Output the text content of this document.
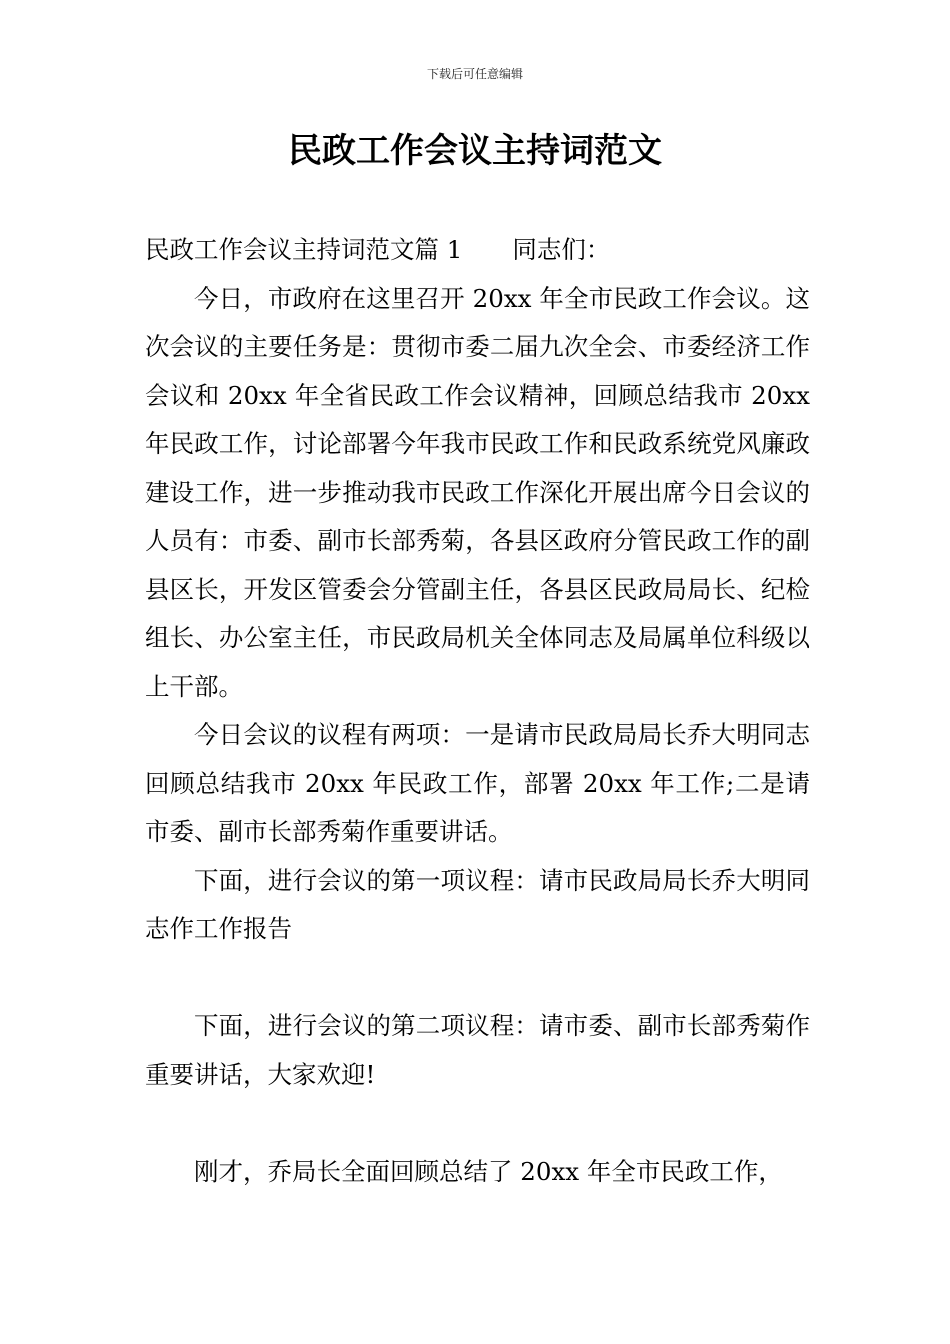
下载后可任意编辑
民政工作会议主持词范文

民政工作会议主持词范文篇 1 同志们：

今日，市政府在这里召开 20xx 年全市民政工作会议。这次会议的主要任务是：贯彻市委二届九次全会、市委经济工作会议和 20xx 年全省民政工作会议精神，回顾总结我市 20xx 年民政工作，讨论部署今年我市民政工作和民政系统党风廉政建设工作，进一步推动我市民政工作深化开展出席今日会议的人员有：市委、副市长部秀菊，各县区政府分管民政工作的副县区长，开发区管委会分管副主任，各县区民政局局长、纪检组长、办公室主任，市民政局机关全体同志及局属单位科级以上干部。

今日会议的议程有两项：一是请市民政局局长乔大明同志回顾总结我市 20xx 年民政工作，部署 20xx 年工作;二是请市委、副市长部秀菊作重要讲话。

下面，进行会议的第一项议程：请市民政局局长乔大明同志作工作报告

下面，进行会议的第二项议程：请市委、副市长部秀菊作重要讲话，大家欢迎!

刚才，乔局长全面回顾总结了 20xx 年全市民政工作，
